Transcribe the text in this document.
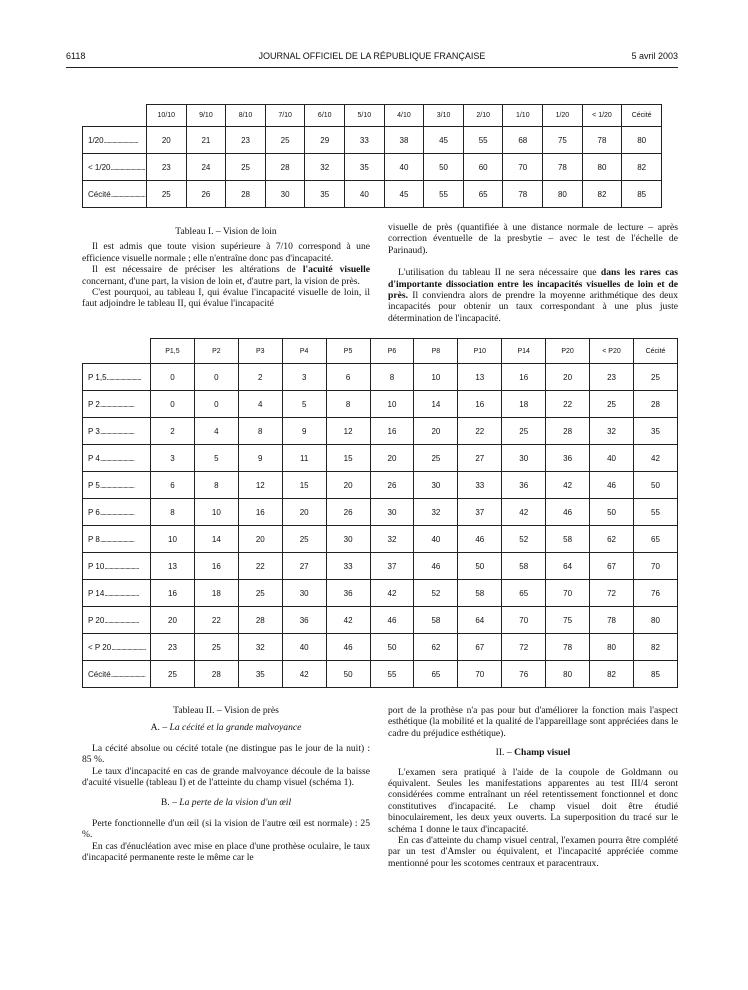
6118	JOURNAL OFFICIEL DE LA RÉPUBLIQUE FRANÇAISE	5 avril 2003
	10/10	9/10	8/10	7/10	6/10	5/10	4/10	3/10	2/10	1/10	1/20	< 1/20	Cécité
1/20 .....	20	21	23	25	29	33	38	45	55	68	75	78	80
< 1/20 .....	23	24	25	28	32	35	40	50	60	70	78	80	82
Cécité .....	25	26	28	30	35	40	45	55	65	78	80	82	85

Tableau I. – Vision de loin

Il est admis que toute vision supérieure à 7/10 correspond à une efficience visuelle normale ; elle n'entraîne donc pas d'incapacité.

Il est nécessaire de préciser les altérations de l'acuité visuelle concernant, d'une part, la vision de loin et, d'autre part, la vision de près.

C'est pourquoi, au tableau I, qui évalue l'incapacité visuelle de loin, il faut adjoindre le tableau II, qui évalue l'incapacité

visuelle de près (quantifiée à une distance normale de lecture – après correction éventuelle de la presbytie – avec le test de l'échelle de Parinaud).

L'utilisation du tableau II ne sera nécessaire que dans les rares cas d'importante dissociation entre les incapacités visuelles de loin et de près. Il conviendra alors de prendre la moyenne arithmétique des deux incapacités pour obtenir un taux correspondant à une plus juste détermination de l'incapacité.

	P1,5	P2	P3	P4	P5	P6	P8	P10	P14	P20	< P20	Cécité
P 1,5 .....	0	0	2	3	6	8	10	13	16	20	23	25
P 2 .....	0	0	4	5	8	10	14	16	18	22	25	28
P 3 .....	2	4	8	9	12	16	20	22	25	28	32	35
P 4 .....	3	5	9	11	15	20	25	27	30	36	40	42
P 5 .....	6	8	12	15	20	26	30	33	36	42	46	50
P 6 .....	8	10	16	20	26	30	32	37	42	46	50	55
P 8 .....	10	14	20	25	30	32	40	46	52	58	62	65
P 10 .....	13	16	22	27	33	37	46	50	58	64	67	70
P 14 .....	16	18	25	30	36	42	52	58	65	70	72	76
P 20 .....	20	22	28	36	42	46	58	64	70	75	78	80
< P 20 .....	23	25	32	40	46	50	62	67	72	78	80	82
Cécité .....	25	28	35	42	50	55	65	70	76	80	82	85

Tableau II. – Vision de près

A. – La cécité et la grande malvoyance

La cécité absolue ou cécité totale (ne distingue pas le jour de la nuit) : 85 %.

Le taux d'incapacité en cas de grande malvoyance découle de la baisse d'acuité visuelle (tableau I) et de l'atteinte du champ visuel (schéma 1).

B. – La perte de la vision d'un œil

Perte fonctionnelle d'un œil (si la vision de l'autre œil est normale) : 25 %.

En cas d'énucléation avec mise en place d'une prothèse oculaire, le taux d'incapacité permanente reste le même car le

port de la prothèse n'a pas pour but d'améliorer la fonction mais l'aspect esthétique (la mobilité et la qualité de l'appareillage sont appréciées dans le cadre du préjudice esthétique).

II. – Champ visuel

L'examen sera pratiqué à l'aide de la coupole de Goldmann ou équivalent. Seules les manifestations apparentes au test III/4 seront considérées comme entraînant un réel retentissement fonctionnel et donc constitutives d'incapacité. Le champ visuel doit être étudié binoculairement, les deux yeux ouverts. La superposition du tracé sur le schéma 1 donne le taux d'incapacité.

En cas d'atteinte du champ visuel central, l'examen pourra être complété par un test d'Amsler ou équivalent, et l'incapacité appréciée comme mentionné pour les scotomes centraux et paracentraux.
